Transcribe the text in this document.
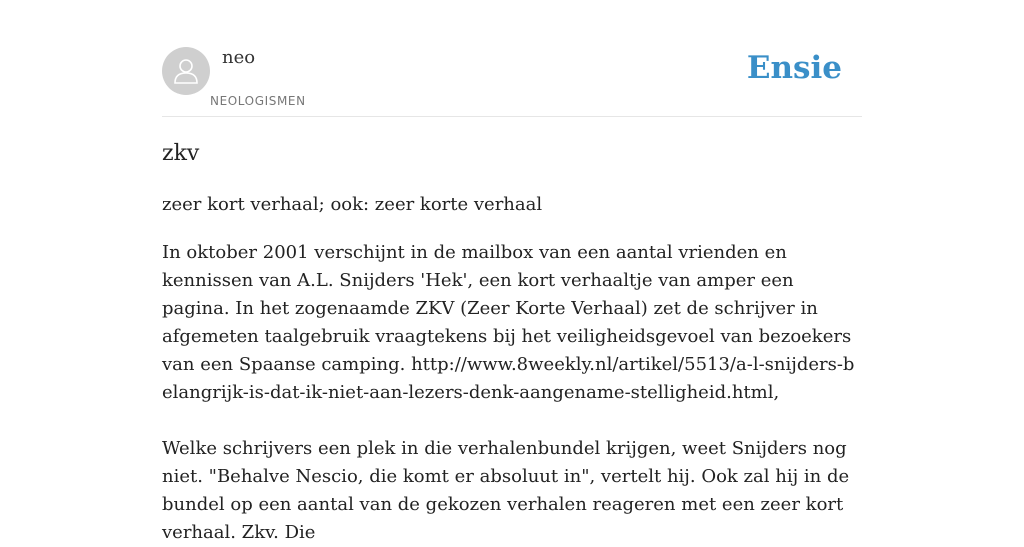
neo
NEOLOGISMEN
Ensie
zkv
zeer kort verhaal; ook: zeer korte verhaal

In oktober 2001 verschijnt in de mailbox van een aantal vrienden en kennissen van A.L. Snijders 'Hek', een kort verhaaltje van amper een pagina. In het zogenaamde ZKV (Zeer Korte Verhaal) zet de schrijver in afgemeten taalgebruik vraagtekens bij het veiligheidsgevoel van bezoekers van een Spaanse camping. http://www.8weekly.nl/artikel/5513/a-l-snijders-belangrijk-is-dat-ik-niet-aan-lezers-denk-aangename-stelligheid.html,

Welke schrijvers een plek in die verhalenbundel krijgen, weet Snijders nog niet. "Behalve Nescio, die komt er absoluut in", vertelt hij. Ook zal hij in de bundel op een aantal van de gekozen verhalen reageren met een zeer kort verhaal. Zkv. Die
